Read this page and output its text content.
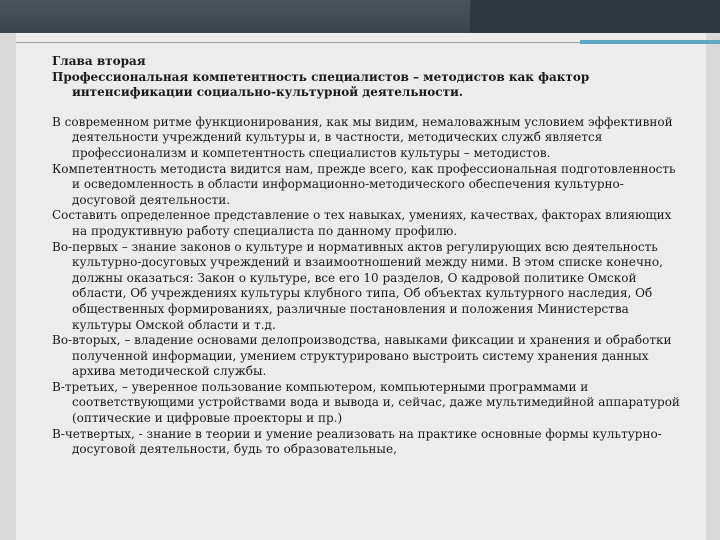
Глава вторая

Профессиональная компетентность специалистов – методистов как фактор интенсификации социально-культурной деятельности.

В современном ритме функционирования, как мы видим, немаловажным условием эффективной деятельности учреждений культуры и, в частности, методических служб является профессионализм и компетентность специалистов культуры – методистов.

Компетентность методиста видится нам, прежде всего, как профессиональная подготовленность и осведомленность в области информационно-методического обеспечения культурно-досуговой деятельности.

Составить определенное представление о тех навыках, умениях, качествах, факторах влияющих на продуктивную работу специалиста по данному профилю.

Во-первых – знание законов о культуре и нормативных актов регулирующих всю деятельность культурно-досуговых учреждений и взаимоотношений между ними. В этом списке конечно, должны оказаться: Закон о культуре, все его 10 разделов, О кадровой политике Омской области, Об учреждениях культуры клубного типа, Об объектах культурного наследия, Об общественных формированиях, различные постановления и положения Министерства культуры Омской области и т.д.

Во-вторых, – владение основами делопроизводства, навыками фиксации и хранения и обработки полученной информации, умением структурировано выстроить систему хранения данных архива методической службы.

В-третьих, – уверенное пользование компьютером, компьютерными программами и соответствующими устройствами вода и вывода и, сейчас, даже мультимедийной аппаратурой (оптические и цифровые проекторы и пр.)

В-четвертых, - знание в теории и умение реализовать на практике основные формы культурно-досуговой деятельности, будь то образовательные,
